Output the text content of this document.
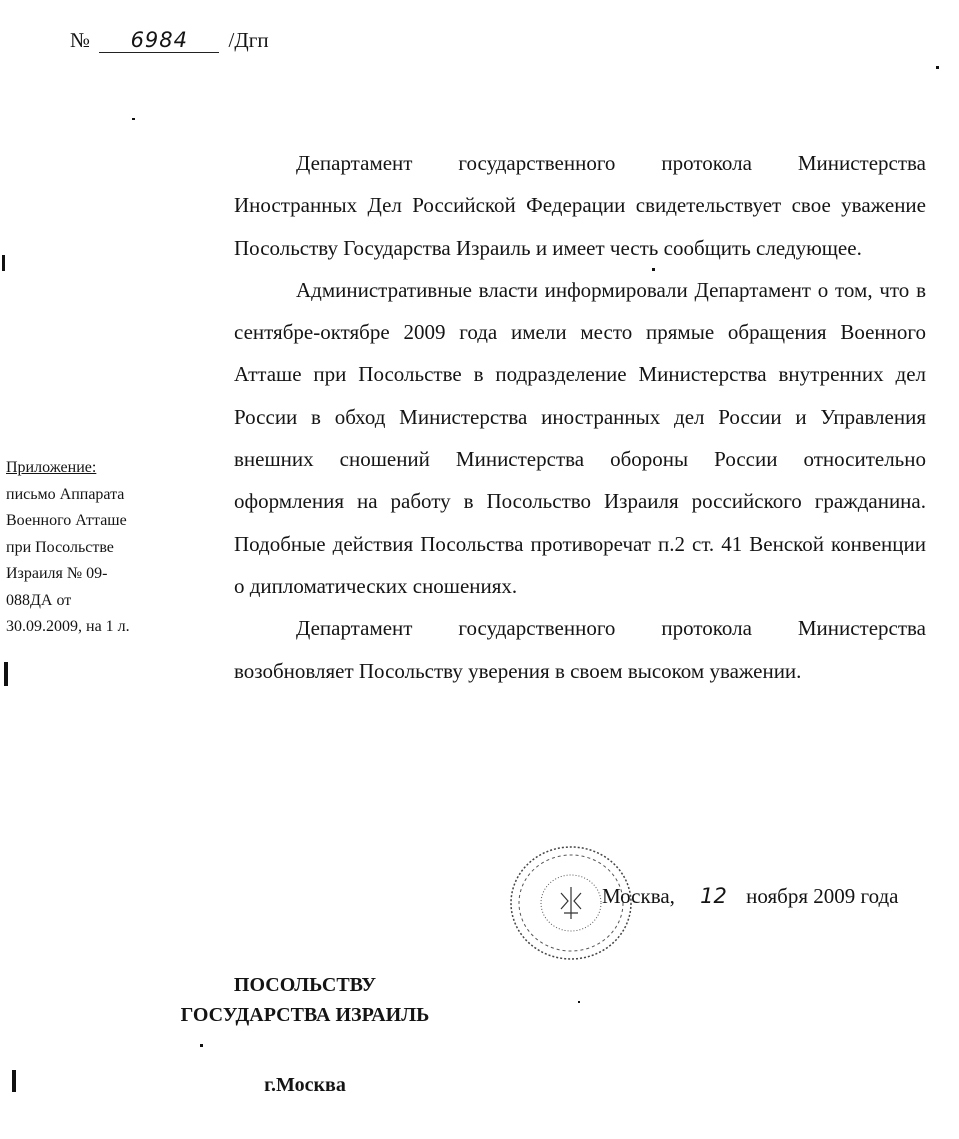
№ 6984 /Дгп

Департамент государственного протокола Министерства Иностранных Дел Российской Федерации свидетельствует свое уважение Посольству Государства Израиль и имеет честь сообщить следующее.

Административные власти информировали Департамент о том, что в сентябре-октябре 2009 года имели место прямые обращения Военного Атташе при Посольстве в подразделение Министерства внутренних дел России в обход Министерства иностранных дел России и Управления внешних сношений Министерства обороны России относительно оформления на работу в Посольство Израиля российского гражданина. Подобные действия Посольства противоречат п.2 ст. 41 Венской конвенции о дипломатических сношениях.

Департамент государственного протокола Министерства возобновляет Посольству уверения в своем высоком уважении.

Приложение:
письмо Аппарата
Военного Атташе
при Посольстве
Израиля № 09-
088ДА от
30.09.2009, на 1 л.
Москва, 12 ноября 2009 года
ПОСОЛЬСТВУ
ГОСУДАРСТВА ИЗРАИЛЬ
г.Москва
